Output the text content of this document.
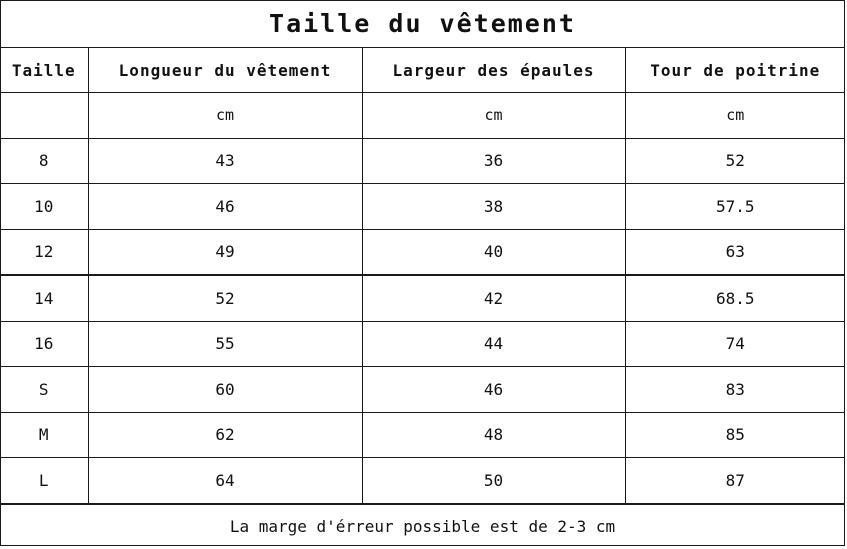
Taille du vêtement
Taille	Longueur du vêtement	Largeur des épaules	Tour de poitrine
	cm	cm	cm
8	43	36	52
10	46	38	57.5
12	49	40	63
14	52	42	68.5
16	55	44	74
S	60	46	83
M	62	48	85
L	64	50	87
La marge d'érreur possible est de 2-3 cm
